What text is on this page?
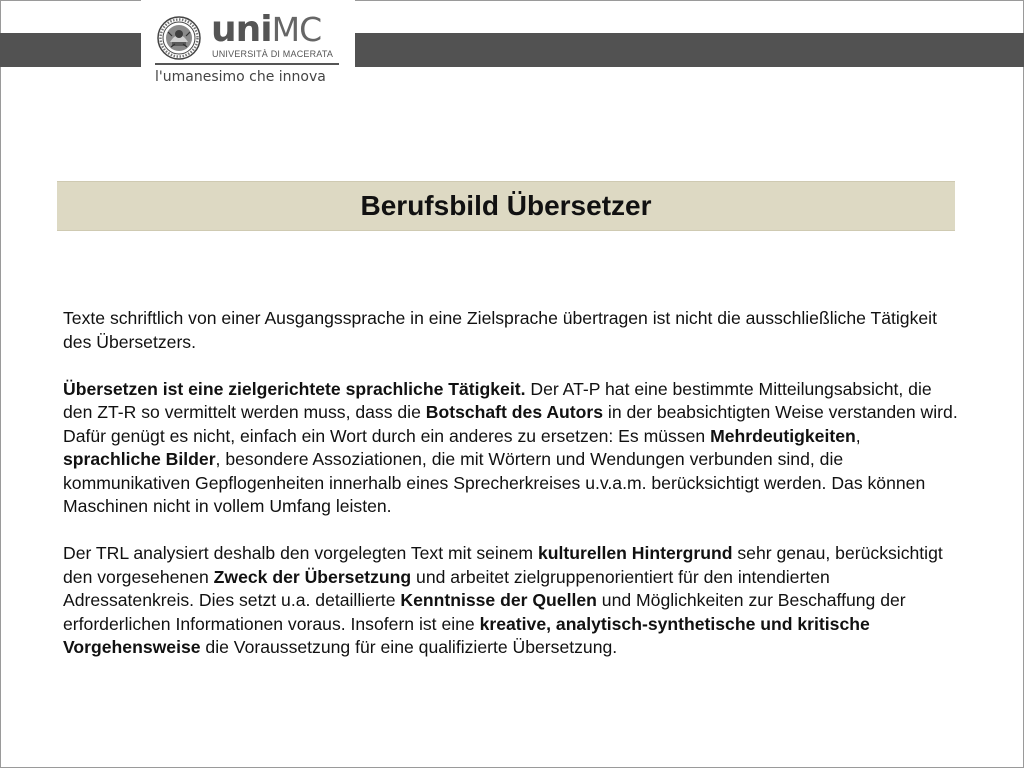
uniMC
UNIVERSITÀ DI MACERATA
l'umanesimo che innova
Berufsbild Übersetzer

Texte schriftlich von einer Ausgangssprache in eine Zielsprache übertragen ist nicht die ausschließliche Tätigkeit des Übersetzers.

Übersetzen ist eine zielgerichtete sprachliche Tätigkeit. Der AT-P hat eine bestimmte Mitteilungsabsicht, die den ZT-R so vermittelt werden muss, dass die Botschaft des Autors in der beabsichtigten Weise verstanden wird. Dafür genügt es nicht, einfach ein Wort durch ein anderes zu ersetzen: Es müssen Mehrdeutigkeiten, sprachliche Bilder, besondere Assoziationen, die mit Wörtern und Wendungen verbunden sind, die kommunikativen Gepflogenheiten innerhalb eines Sprecherkreises u.v.a.m. berücksichtigt werden. Das können Maschinen nicht in vollem Umfang leisten.

Der TRL analysiert deshalb den vorgelegten Text mit seinem kulturellen Hintergrund sehr genau, berücksichtigt den vorgesehenen Zweck der Übersetzung und arbeitet zielgruppenorientiert für den intendierten Adressatenkreis. Dies setzt u.a. detaillierte Kenntnisse der Quellen und Möglichkeiten zur Beschaffung der erforderlichen Informationen voraus. Insofern ist eine kreative, analytisch-synthetische und kritische Vorgehensweise die Voraussetzung für eine qualifizierte Übersetzung.
